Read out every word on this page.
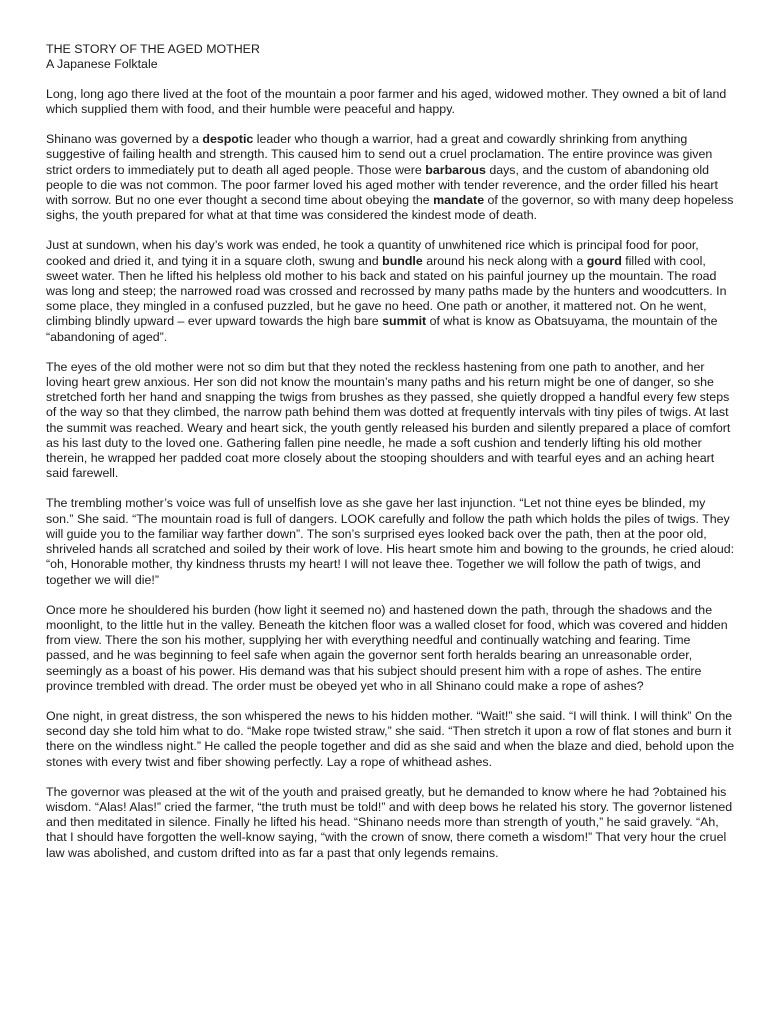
THE STORY OF THE AGED MOTHER
A Japanese Folktale

Long, long ago there lived at the foot of the mountain a poor farmer and his aged, widowed mother. They owned a bit of land which supplied them with food, and their humble were peaceful and happy.

Shinano was governed by a despotic leader who though a warrior, had a great and cowardly shrinking from anything suggestive of failing health and strength. This caused him to send out a cruel proclamation. The entire province was given strict orders to immediately put to death all aged people. Those were barbarous days, and the custom of abandoning old people to die was not common. The poor farmer loved his aged mother with tender reverence, and the order filled his heart with sorrow. But no one ever thought a second time about obeying the mandate of the governor, so with many deep hopeless sighs, the youth prepared for what at that time was considered the kindest mode of death.

Just at sundown, when his day’s work was ended, he took a quantity of unwhitened rice which is principal food for poor, cooked and dried it, and tying it in a square cloth, swung and bundle around his neck along with a gourd filled with cool, sweet water. Then he lifted his helpless old mother to his back and stated on his painful journey up the mountain. The road was long and steep; the narrowed road was crossed and recrossed by many paths made by the hunters and woodcutters. In some place, they mingled in a confused puzzled, but he gave no heed. One path or another, it mattered not. On he went, climbing blindly upward – ever upward towards the high bare summit of what is know as Obatsuyama, the mountain of the “abandoning of aged”.

The eyes of the old mother were not so dim but that they noted the reckless hastening from one path to another, and her loving heart grew anxious. Her son did not know the mountain’s many paths and his return might be one of danger, so she stretched forth her hand and snapping the twigs from brushes as they passed, she quietly dropped a handful every few steps of the way so that they climbed, the narrow path behind them was dotted at frequently intervals with tiny piles of twigs. At last the summit was reached. Weary and heart sick, the youth gently released his burden and silently prepared a place of comfort as his last duty to the loved one. Gathering fallen pine needle, he made a soft cushion and tenderly lifting his old mother therein, he wrapped her padded coat more closely about the stooping shoulders and with tearful eyes and an aching heart said farewell.

The trembling mother’s voice was full of unselfish love as she gave her last injunction. “Let not thine eyes be blinded, my son.” She said. “The mountain road is full of dangers. LOOK carefully and follow the path which holds the piles of twigs. They will guide you to the familiar way farther down”. The son’s surprised eyes looked back over the path, then at the poor old, shriveled hands all scratched and soiled by their work of love. His heart smote him and bowing to the grounds, he cried aloud: “oh, Honorable mother, thy kindness thrusts my heart! I will not leave thee. Together we will follow the path of twigs, and together we will die!”

Once more he shouldered his burden (how light it seemed no) and hastened down the path, through the shadows and the moonlight, to the little hut in the valley. Beneath the kitchen floor was a walled closet for food, which was covered and hidden from view. There the son his mother, supplying her with everything needful and continually watching and fearing. Time passed, and he was beginning to feel safe when again the governor sent forth heralds bearing an unreasonable order, seemingly as a boast of his power. His demand was that his subject should present him with a rope of ashes. The entire province trembled with dread. The order must be obeyed yet who in all Shinano could make a rope of ashes?

One night, in great distress, the son whispered the news to his hidden mother. “Wait!” she said. “I will think. I will think” On the second day she told him what to do. “Make rope twisted straw,” she said. “Then stretch it upon a row of flat stones and burn it there on the windless night.” He called the people together and did as she said and when the blaze and died, behold upon the stones with every twist and fiber showing perfectly. Lay a rope of whithead ashes.

The governor was pleased at the wit of the youth and praised greatly, but he demanded to know where he had ?obtained his wisdom. “Alas! Alas!” cried the farmer, “the truth must be told!” and with deep bows he related his story. The governor listened and then meditated in silence. Finally he lifted his head. “Shinano needs more than strength of youth,” he said gravely. “Ah, that I should have forgotten the well-know saying, “with the crown of snow, there cometh a wisdom!” That very hour the cruel law was abolished, and custom drifted into as far a past that only legends remains.
